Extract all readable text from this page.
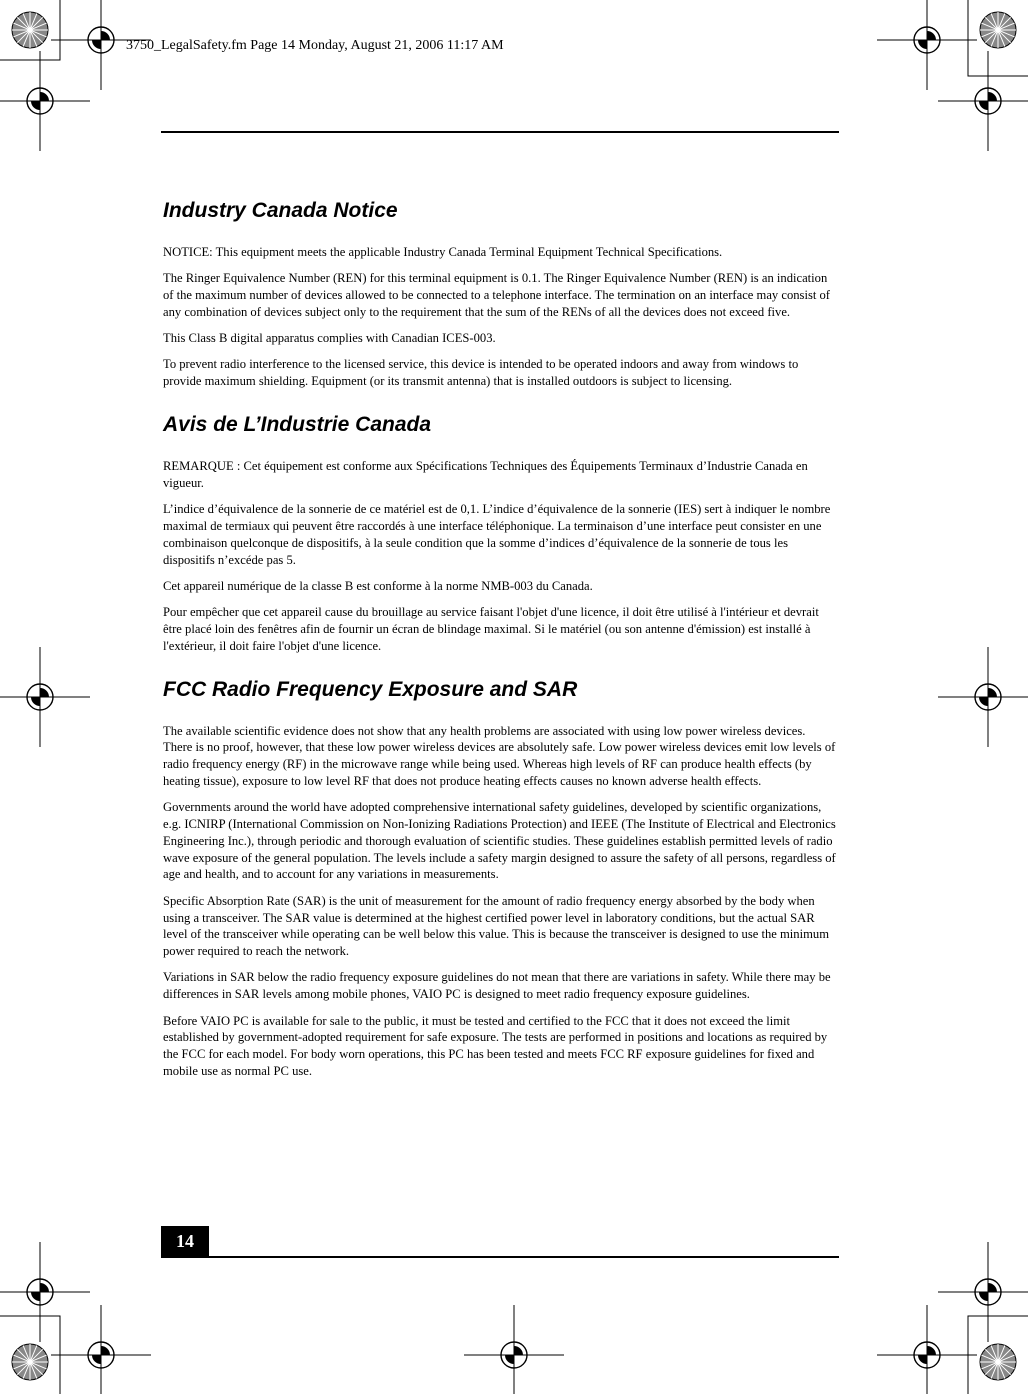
3750_LegalSafety.fm Page 14 Monday, August 21, 2006 11:17 AM
Industry Canada Notice

NOTICE: This equipment meets the applicable Industry Canada Terminal Equipment Technical Specifications.

The Ringer Equivalence Number (REN) for this terminal equipment is 0.1. The Ringer Equivalence Number (REN) is an indication of the maximum number of devices allowed to be connected to a telephone interface. The termination on an interface may consist of any combination of devices subject only to the requirement that the sum of the RENs of all the devices does not exceed five.

This Class B digital apparatus complies with Canadian ICES-003.

To prevent radio interference to the licensed service, this device is intended to be operated indoors and away from windows to provide maximum shielding. Equipment (or its transmit antenna) that is installed outdoors is subject to licensing.

Avis de L’Industrie Canada

REMARQUE : Cet équipement est conforme aux Spécifications Techniques des Équipements Terminaux d’Industrie Canada en vigueur.

L’indice d’équivalence de la sonnerie de ce matériel est de 0,1. L’indice d’équivalence de la sonnerie (IES) sert à indiquer le nombre maximal de termiaux qui peuvent être raccordés à une interface téléphonique. La terminaison d’une interface peut consister en une combinaison quelconque de dispositifs, à la seule condition que la somme d’indices d’équivalence de la sonnerie de tous les dispositifs n’excéde pas 5.

Cet appareil numérique de la classe B est conforme à la norme NMB-003 du Canada.

Pour empêcher que cet appareil cause du brouillage au service faisant l'objet d'une licence, il doit être utilisé à l'intérieur et devrait être placé loin des fenêtres afin de fournir un écran de blindage maximal. Si le matériel (ou son antenne d'émission) est installé à l'extérieur, il doit faire l'objet d'une licence.

FCC Radio Frequency Exposure and SAR

The available scientific evidence does not show that any health problems are associated with using low power wireless devices. There is no proof, however, that these low power wireless devices are absolutely safe. Low power wireless devices emit low levels of radio frequency energy (RF) in the microwave range while being used. Whereas high levels of RF can produce health effects (by heating tissue), exposure to low level RF that does not produce heating effects causes no known adverse health effects.

Governments around the world have adopted comprehensive international safety guidelines, developed by scientific organizations, e.g. ICNIRP (International Commission on Non-Ionizing Radiations Protection) and IEEE (The Institute of Electrical and Electronics Engineering Inc.), through periodic and thorough evaluation of scientific studies. These guidelines establish permitted levels of radio wave exposure of the general population. The levels include a safety margin designed to assure the safety of all persons, regardless of age and health, and to account for any variations in measurements.

Specific Absorption Rate (SAR) is the unit of measurement for the amount of radio frequency energy absorbed by the body when using a transceiver. The SAR value is determined at the highest certified power level in laboratory conditions, but the actual SAR level of the transceiver while operating can be well below this value. This is because the transceiver is designed to use the minimum power required to reach the network.

Variations in SAR below the radio frequency exposure guidelines do not mean that there are variations in safety. While there may be differences in SAR levels among mobile phones, VAIO PC is designed to meet radio frequency exposure guidelines.

Before VAIO PC is available for sale to the public, it must be tested and certified to the FCC that it does not exceed the limit established by government-adopted requirement for safe exposure. The tests are performed in positions and locations as required by the FCC for each model. For body worn operations, this PC has been tested and meets FCC RF exposure guidelines for fixed and mobile use as normal PC use.

14
